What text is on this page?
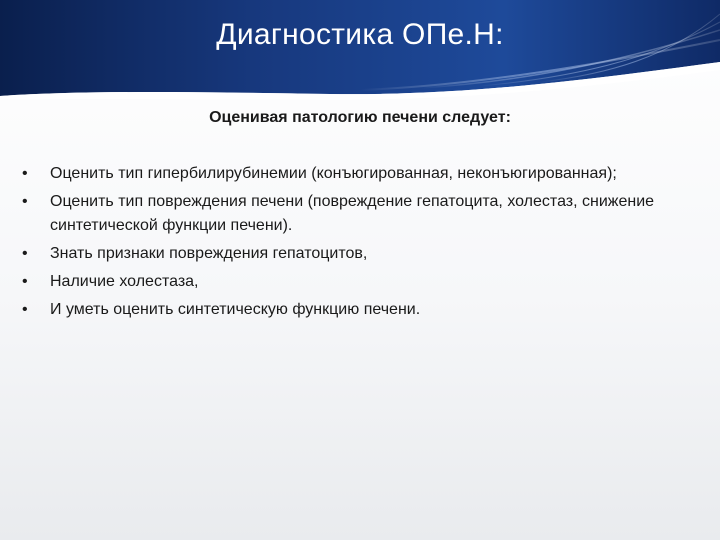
Диагностика ОПе.Н:

Оценивая патологию печени следует:

• Оценить тип гипербилирубинемии (конъюгированная, неконъюгированная);
• Оценить тип повреждения печени (повреждение гепатоцита, холестаз, снижение синтетической функции печени).
• Знать признаки повреждения гепатоцитов,
• Наличие холестаза,
• И уметь оценить синтетическую функцию печени.
